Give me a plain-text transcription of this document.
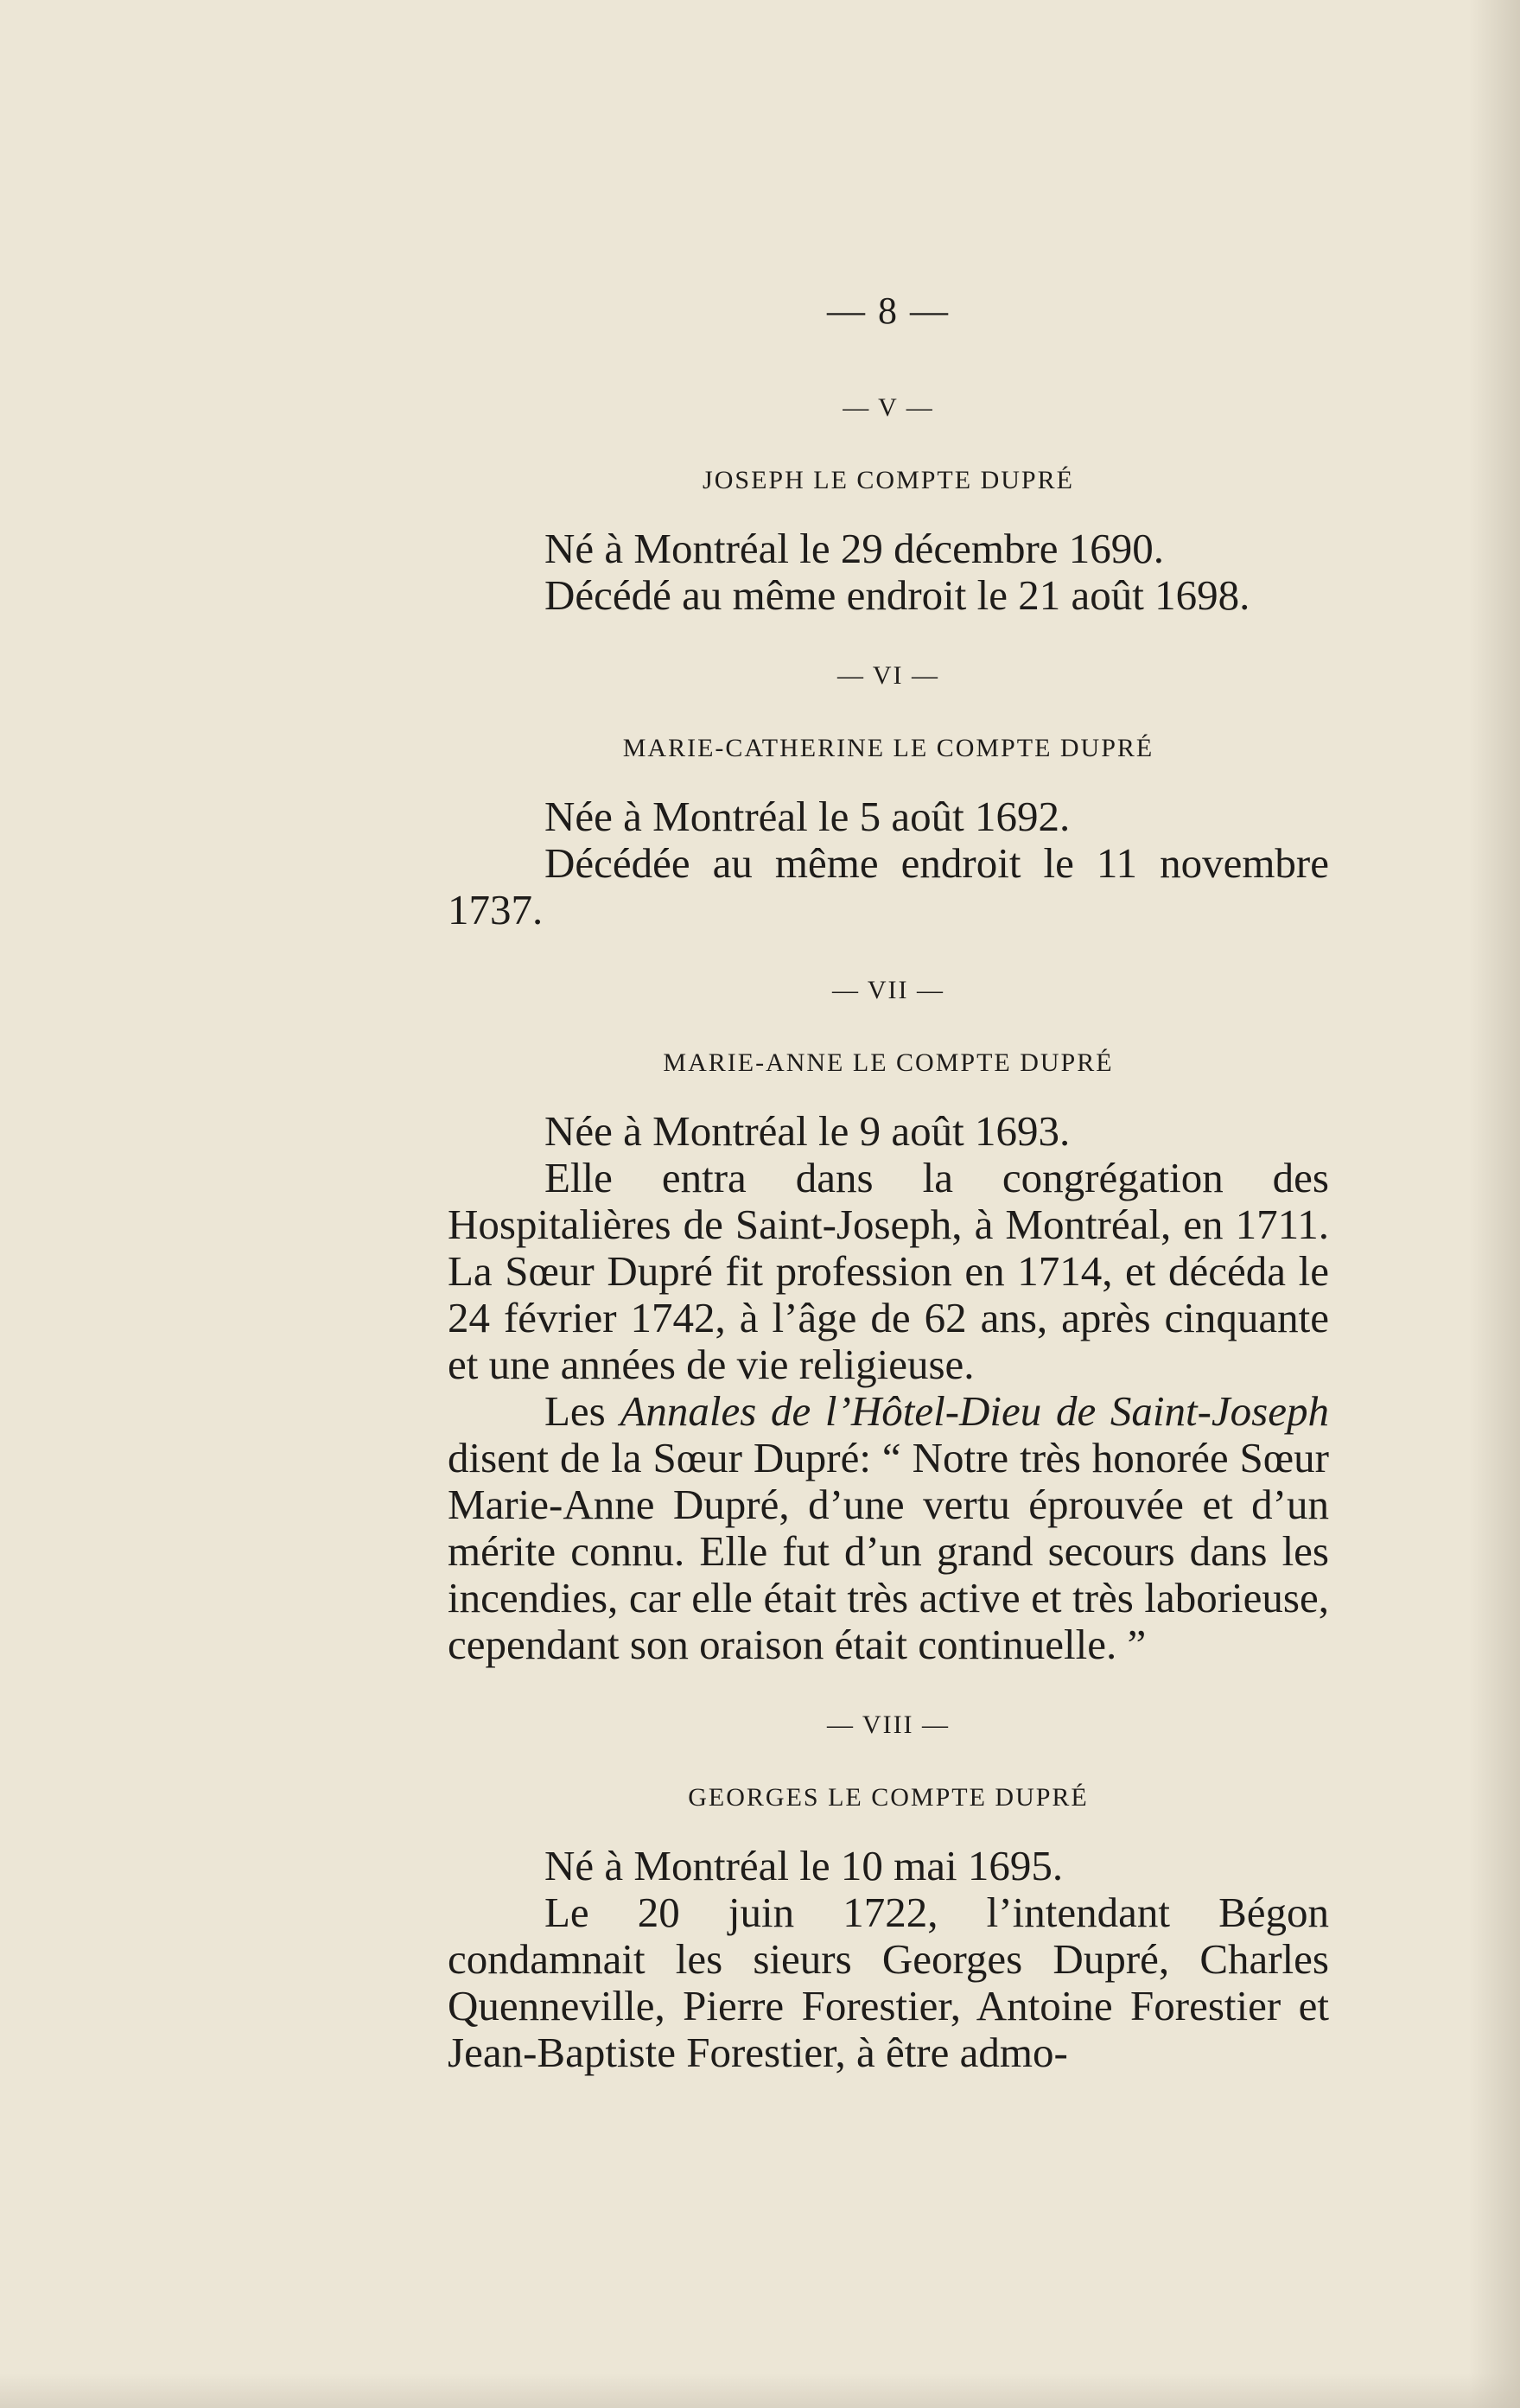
— 8 —
— V —
JOSEPH LE COMPTE DUPRÉ

Né à Montréal le 29 décembre 1690.

Décédé au même endroit le 21 août 1698.

— VI —
MARIE-CATHERINE LE COMPTE DUPRÉ

Née à Montréal le 5 août 1692.

Décédée au même endroit le 11 novembre 1737.

— VII —
MARIE-ANNE LE COMPTE DUPRÉ

Née à Montréal le 9 août 1693.

Elle entra dans la congrégation des Hospitalières de Saint-Joseph, à Montréal, en 1711. La Sœur Dupré fit profession en 1714, et décéda le 24 février 1742, à l’âge de 62 ans, après cinquante et une années de vie religieuse.

Les Annales de l’Hôtel-Dieu de Saint-Joseph disent de la Sœur Dupré: “ Notre très honorée Sœur Marie-Anne Dupré, d’une vertu éprouvée et d’un mérite connu. Elle fut d’un grand secours dans les incendies, car elle était très active et très laborieuse, cependant son oraison était continuelle. ”

— VIII —
GEORGES LE COMPTE DUPRÉ

Né à Montréal le 10 mai 1695.

Le 20 juin 1722, l’intendant Bégon condamnait les sieurs Georges Dupré, Charles Quenneville, Pierre Forestier, Antoine Forestier et Jean-Baptiste Forestier, à être admo-
